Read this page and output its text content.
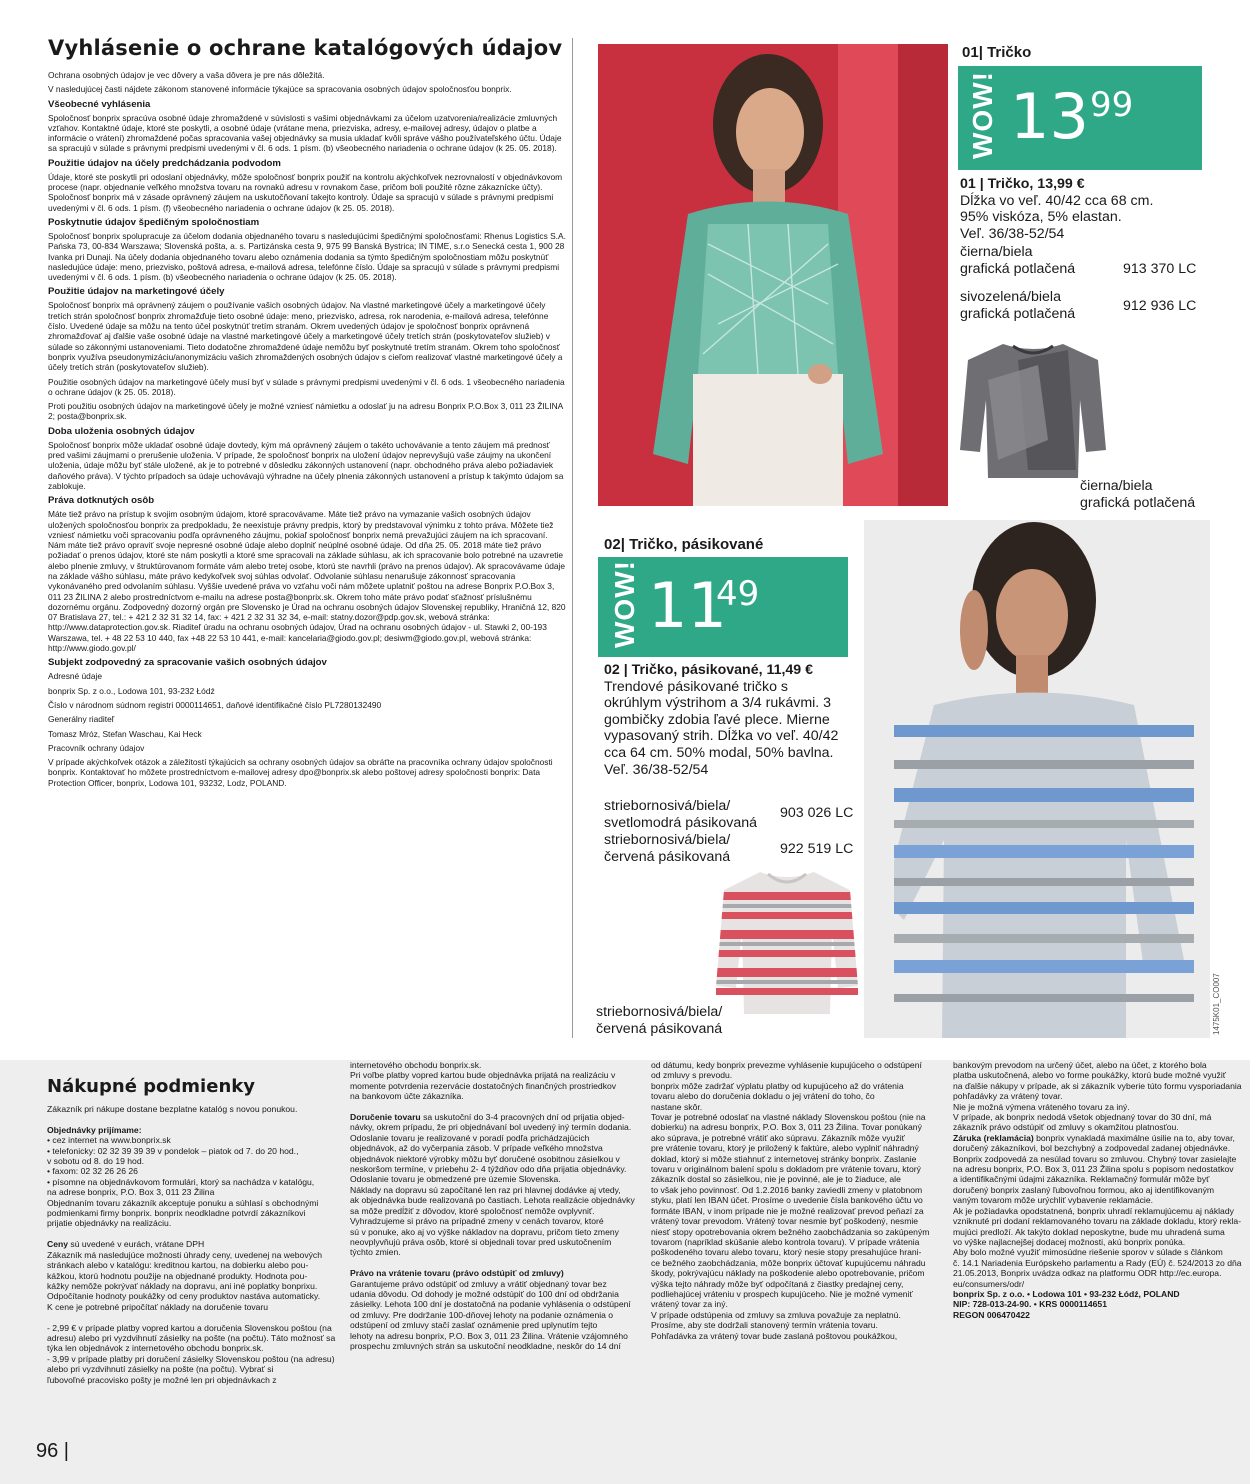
Vyhlásenie o ochrane katalógových údajov

Ochrana osobných údajov je vec dôvery a vaša dôvera je pre nás dôležitá.

V nasledujúcej časti nájdete zákonom stanovené informácie týkajúce sa spracovania osobných údajov spoločnosťou bonprix.

Všeobecné vyhlásenia

Spoločnosť bonprix spracúva osobné údaje zhromaždené v súvislosti s vašimi objednávkami za účelom uzatvorenia/realizácie zmluvných vzťahov. Kontaktné údaje, ktoré ste poskytli, a osobné údaje (vrátane mena, priezviska, adresy, e-mailovej adresy, údajov o platbe a informácie o vrátení) zhromaždené počas spracovania vašej objednávky sa musia ukladať kvôli správe vášho používateľského účtu. Údaje sa spracujú v súlade s právnymi predpismi uvedenými v čl. 6 ods. 1 písm. (b) všeobecného nariadenia o ochrane údajov (k 25. 05. 2018).

Použitie údajov na účely predchádzania podvodom

Údaje, ktoré ste poskytli pri odoslaní objednávky, môže spoločnosť bonprix použiť na kontrolu akýchkoľvek nezrovnalostí v objednávkovom procese (napr. objednanie veľkého množstva tovaru na rovnakú adresu v rovnakom čase, pričom boli použité rôzne zákaznícke účty). Spoločnosť bonprix má v zásade oprávnený záujem na uskutočňovaní takejto kontroly. Údaje sa spracujú v súlade s právnymi predpismi uvedenými v čl. 6 ods. 1 písm. (f) všeobecného nariadenia o ochrane údajov (k 25. 05. 2018).

Poskytnutie údajov špedičným spoločnostiam

Spoločnosť bonprix spolupracuje za účelom dodania objednaného tovaru s nasledujúcimi špedičnými spoločnosťami: Rhenus Logistics S.A. Pańska 73, 00-834 Warszawa; Slovenská pošta, a. s. Partizánska cesta 9, 975 99 Banská Bystrica; IN TIME, s.r.o Senecká cesta 1, 900 28 Ivanka pri Dunaji. Na účely dodania objednaného tovaru alebo oznámenia dodania sa týmto špedičným spoločnostiam môžu poskytnúť nasledujúce údaje: meno, priezvisko, poštová adresa, e-mailová adresa, telefónne číslo. Údaje sa spracujú v súlade s právnymi predpismi uvedenými v čl. 6 ods. 1 písm. (b) všeobecného nariadenia o ochrane údajov (k 25. 05. 2018).

Použitie údajov na marketingové účely

Spoločnosť bonprix má oprávnený záujem o používanie vašich osobných údajov. Na vlastné marketingové účely a marketingové účely tretích strán spoločnosť bonprix zhromažďuje tieto osobné údaje: meno, priezvisko, adresa, rok narodenia, e-mailová adresa, telefónne číslo. Uvedené údaje sa môžu na tento účel poskytnúť tretím stranám. Okrem uvedených údajov je spoločnosť bonprix oprávnená zhromažďovať aj ďalšie vaše osobné údaje na vlastné marketingové účely a marketingové účely tretích strán (poskytovateľov služieb) v súlade so zákonnými ustanoveniami. Tieto dodatočne zhromaždené údaje nemôžu byť poskytnuté tretím stranám. Okrem toho spoločnosť bonprix využíva pseudonymizáciu/anonymizáciu vašich zhromaždených osobných údajov s cieľom realizovať vlastné marketingové účely a účely tretích strán (poskytovateľov služieb).

Použitie osobných údajov na marketingové účely musí byť v súlade s právnymi predpismi uvedenými v čl. 6 ods. 1 všeobecného nariadenia o ochrane údajov (k 25. 05. 2018).

Proti použitiu osobných údajov na marketingové účely je možné vzniesť námietku a odoslať ju na adresu Bonprix P.O.Box 3, 011 23 ŽILINA 2; posta@bonprix.sk.

Doba uloženia osobných údajov

Spoločnosť bonprix môže ukladať osobné údaje dovtedy, kým má oprávnený záujem o takéto uchovávanie a tento záujem má prednosť pred vašimi záujmami o prerušenie uloženia. V prípade, že spoločnosť bonprix na uložení údajov neprevyšujú vaše záujmy na ukončení uloženia, údaje môžu byť stále uložené, ak je to potrebné v dôsledku zákonných ustanovení (napr. obchodného práva alebo požiadaviek daňového práva). V týchto prípadoch sa údaje uchovávajú výhradne na účely plnenia zákonných ustanovení a prístup k takýmto údajom sa zablokuje.

Práva dotknutých osôb

Máte tiež právo na prístup k svojim osobným údajom, ktoré spracovávame. Máte tiež právo na vymazanie vašich osobných údajov uložených spoločnosťou bonprix za predpokladu, že neexistuje právny predpis, ktorý by predstavoval výnimku z tohto práva. Môžete tiež vzniesť námietku voči spracovaniu podľa oprávneného záujmu, pokiaľ spoločnosť bonprix nemá prevažujúci záujem na ich spracovaní. Nám máte tiež právo opraviť svoje nepresné osobné údaje alebo doplniť neúplné osobné údaje. Od dňa 25. 05. 2018 máte tiež právo požiadať o prenos údajov, ktoré ste nám poskytli a ktoré sme spracovali na základe súhlasu, ak ich spracovanie bolo potrebné na uzavretie alebo plnenie zmluvy, v štruktúrovanom formáte vám alebo tretej osobe, ktorú ste navrhli (právo na prenos údajov). Ak spracovávame údaje na základe vášho súhlasu, máte právo kedykoľvek svoj súhlas odvolať. Odvolanie súhlasu nenarušuje zákonnosť spracovania vykonávaného pred odvolaním súhlasu. Vyššie uvedené práva vo vzťahu voči nám môžete uplatniť poštou na adrese Bonprix P.O.Box 3, 011 23 ŽILINA 2 alebo prostredníctvom e-mailu na adrese posta@bonprix.sk. Okrem toho máte právo podať sťažnosť príslušnému dozornému orgánu. Zodpovedný dozorný orgán pre Slovensko je Úrad na ochranu osobných údajov Slovenskej republiky, Hraničná 12, 820 07 Bratislava 27, tel.: + 421 2 32 31 32 14, fax: + 421 2 32 31 32 34, e-mail: statny.dozor@pdp.gov.sk, webová stránka: http://www.dataprotection.gov.sk. Riaditeľ úradu na ochranu osobných údajov, Úrad na ochranu osobných údajov - ul. Stawki 2, 00-193 Warszawa, tel. + 48 22 53 10 440, fax +48 22 53 10 441, e-mail: kancelaria@giodo.gov.pl; desiwm@giodo.gov.pl, webová stránka: http://www.giodo.gov.pl/

Subjekt zodpovedný za spracovanie vašich osobných údajov

Adresné údaje

bonprix Sp. z o.o., Lodowa 101, 93-232 Łódź

Číslo v národnom súdnom registri 0000114651, daňové identifikačné číslo PL7280132490

Generálny riaditeľ

Tomasz Mróz, Stefan Waschau, Kai Heck

Pracovník ochrany údajov

V prípade akýchkoľvek otázok a záležitostí týkajúcich sa ochrany osobných údajov sa obráťte na pracovníka ochrany údajov spoločnosti bonprix. Kontaktovať ho môžete prostredníctvom e-mailovej adresy dpo@bonprix.sk alebo poštovej adresy spoločnosti bonprix: Data Protection Officer, bonprix, Lodowa 101, 93232, Lodz, POLAND.

01| Tričko
WOW! 13 99
01 | Tričko, 13,99 €
Dĺžka vo veľ. 40/42 cca 68 cm.
95% viskóza, 5% elastan.
Veľ. 36/38-52/54
čierna/biela
grafická potlačená	913 370 LC
sivozelená/biela
grafická potlačená	912 936 LC
čierna/biela
grafická potlačená
02| Tričko, pásikované
WOW! 11
49
02 | Tričko, pásikované, 11,49 €
Trendové pásikované tričko s
okrúhlym výstrihom a 3/4 rukávmi. 3
gombičky zdobia ľavé plece. Mierne
vypasovaný strih. Dĺžka vo veľ. 40/42
cca 64 cm. 50% modal, 50% bavlna.
Veľ. 36/38-52/54
striebornosivá/biela/
svetlomodrá pásikovaná
903 026 LC
striebornosivá/biela/
červená pásikovaná	922 519 LC
striebornosivá/biela/
červená pásikovaná	1475K01_CO007
Nákupné podmienky
Zákazník pri nákupe dostane bezplatne katalóg s novou ponukou.

Objednávky prijímame:
• cez internet na www.bonprix.sk
• telefonicky: 02 32 39 39 39 v pondelok – piatok od 7. do 20 hod.,
v sobotu od 8. do 19 hod.
• faxom: 02 32 26 26 26
• písomne na objednávkovom formulári, ktorý sa nachádza v katalógu,
na adrese bonprix, P.O. Box 3, 011 23 Žilina
Objednaním tovaru zákazník akceptuje ponuku a súhlasí s obchodnými
podmienkami firmy bonprix. bonprix neodkladne potvrdí zákazníkovi
prijatie objednávky na realizáciu.

Ceny sú uvedené v eurách, vrátane DPH
Zákazník má nasledujúce možnosti úhrady ceny, uvedenej na webových
stránkach alebo v katalógu: kreditnou kartou, na dobierku alebo pou-
kážkou, ktorú hodnotu použije na objednané produkty. Hodnota pou-
kážky nemôže pokrývať náklady na dopravu, ani iné poplatky bonprixu.
Odpočítanie hodnoty poukážky od ceny produktov nastáva automaticky.
K cene je potrebné pripočítať náklady na doručenie tovaru

- 2,99 € v prípade platby vopred kartou a doručenia Slovenskou poštou (na
adresu) alebo pri vyzdvihnutí zásielky na pošte (na počtu). Táto možnosť sa
týka len objednávok z internetového obchodu bonprix.sk.
- 3,99 v prípade platby pri doručení zásielky Slovenskou poštou (na adresu)
alebo pri vyzdvihnutí zásielky na pošte (na počtu). Vybrať si
ľubovoľné pracovisko pošty je možné len pri objednávkach z
internetového obchodu bonprix.sk.
Pri voľbe platby vopred kartou bude objednávka prijatá na realizáciu v
momente potvrdenia rezervácie dostatočných finančných prostriedkov
na bankovom účte zákazníka.

Doručenie tovaru sa uskutoční do 3-4 pracovných dní od prijatia objed-
návky, okrem prípadu, že pri objednávaní bol uvedený iný termín dodania.
Odoslanie tovaru je realizované v poradí podľa prichádzajúcich
objednávok, až do vyčerpania zásob. V prípade veľkého množstva
objednávok niektoré výrobky môžu byť doručené osobitnou zásielkou v
neskoršom termíne, v priebehu 2- 4 týždňov odo dňa prijatia objednávky.
Odoslanie tovaru je obmedzené pre územie Slovenska.
Náklady na dopravu sú započítané len raz pri hlavnej dodávke aj vtedy,
ak objednávka bude realizovaná po častiach. Lehota realizácie objednávky
sa môže predĺžiť z dôvodov, ktoré spoločnosť nemôže ovplyvniť.
Vyhradzujeme si právo na prípadné zmeny v cenách tovarov, ktoré
sú v ponuke, ako aj vo výške nákladov na dopravu, pričom tieto zmeny
neovplyvňujú práva osôb, ktoré si objednali tovar pred uskutočnením
týchto zmien.

Právo na vrátenie tovaru (právo odstúpiť od zmluvy)
Garantujeme právo odstúpiť od zmluvy a vrátiť objednaný tovar bez
udania dôvodu. Od dohody je možné odstúpiť do 100 dní od obdržania
zásielky. Lehota 100 dní je dostatočná na podanie vyhlásenia o odstúpení
od zmluvy. Pre dodržanie 100-dňovej lehoty na podanie oznámenia o
odstúpení od zmluvy stačí zaslať oznámenie pred uplynutím tejto
lehoty na adresu bonprix, P.O. Box 3, 011 23 Žilina. Vrátenie vzájomného
prospechu zmluvných strán sa uskutoční neodkladne, neskôr do 14 dní
od dátumu, kedy bonprix prevezme vyhlásenie kupujúceho o odstúpení
od zmluvy s prevodu.
bonprix môže zadržať výplatu platby od kupujúceho až do vrátenia
tovaru alebo do doručenia dokladu o jej vrátení do toho, čo
nastane skôr.
Tovar je potrebné odoslať na vlastné náklady Slovenskou poštou (nie na
dobierku) na adresu bonprix, P.O. Box 3, 011 23 Žilina. Tovar ponúkaný
ako súprava, je potrebné vrátiť ako súpravu. Zákazník môže využiť
pre vrátenie tovaru, ktorý je priložený k faktúre, alebo vyplniť náhradný
doklad, ktorý si môže stiahnuť z internetovej stránky bonprix. Zaslanie
tovaru v originálnom balení spolu s dokladom pre vrátenie tovaru, ktorý
zákazník dostal so zásielkou, nie je povinné, ale je to žiaduce, ale
to však jeho povinnosť. Od 1.2.2016 banky zaviedli zmeny v platobnom
styku, platí len IBAN účet. Prosíme o uvedenie čísla bankového účtu vo
formáte IBAN, v inom prípade nie je možné realizovať prevod peňazí za
vrátený tovar prevodom. Vrátený tovar nesmie byť poškodený, nesmie
niesť stopy opotrebovania okrem bežného zaobchádzania so zakúpeným
tovarom (napríklad skúšanie alebo kontrola tovaru). V prípade vrátenia
poškodeného tovaru alebo tovaru, ktorý nesie stopy presahujúce hrani-
ce bežného zaobchádzania, môže bonprix účtovať kupujúcemu náhradu
škody, pokrývajúcu náklady na poškodenie alebo opotrebovanie, pričom
výška tejto náhrady môže byť odpočítaná z čiastky predajnej ceny,
podliehajúcej vráteniu v prospech kupujúceho. Nie je možné vymeniť
vrátený tovar za iný.
V prípade odstúpenia od zmluvy sa zmluva považuje za neplatnú.
Prosíme, aby ste dodržali stanovený termín vrátenia tovaru.
Pohľadávka za vrátený tovar bude zaslaná poštovou poukážkou,
bankovým prevodom na určený účet, alebo na účet, z ktorého bola
platba uskutočnená, alebo vo forme poukážky, ktorú bude možné využiť
na ďalšie nákupy v prípade, ak si zákazník vyberie túto formu vysporiadania
pohľadávky za vrátený tovar.
Nie je možná výmena vráteného tovaru za iný.
V prípade, ak bonprix nedodá všetok objednaný tovar do 30 dní, má
zákazník právo odstúpiť od zmluvy s okamžitou platnosťou.
Záruka (reklamácia) bonprix vynakladá maximálne úsilie na to, aby tovar,
doručený zákazníkovi, bol bezchybný a zodpovedal zadanej objednávke.
Bonprix zodpovedá za nesúlad tovaru so zmluvou. Chybný tovar zasielajte
na adresu bonprix, P.O. Box 3, 011 23 Žilina spolu s popisom nedostatkov
a identifikačnými údajmi zákazníka. Reklamačný formulár môže byť
doručený bonprix zaslaný ľubovoľnou formou, ako aj identifikovaným
vaným tovarom môže urýchliť vybavenie reklamácie.
Ak je požiadavka opodstatnená, bonprix uhradí reklamujúcemu aj náklady
vzniknuté pri dodaní reklamovaného tovaru na základe dokladu, ktorý rekla-
mujúci predloží. Ak takýto doklad neposkytne, bude mu uhradená suma
vo výške najlacnejšej dodacej možnosti, akú bonprix ponúka.
Aby bolo možné využiť mimosúdne riešenie sporov v súlade s článkom
č. 14.1 Nariadenia Európskeho parlamentu a Rady (EÚ) č. 524/2013 zo dňa
21.05.2013, Bonprix uvádza odkaz na platformu ODR http://ec.europa.
eu/consumers/odr/
bonprix Sp. z o.o. • Lodowa 101 • 93-232 Łódź, POLAND
NIP: 728-013-24-90. • KRS 0000114651
REGON 006470422
96 |
